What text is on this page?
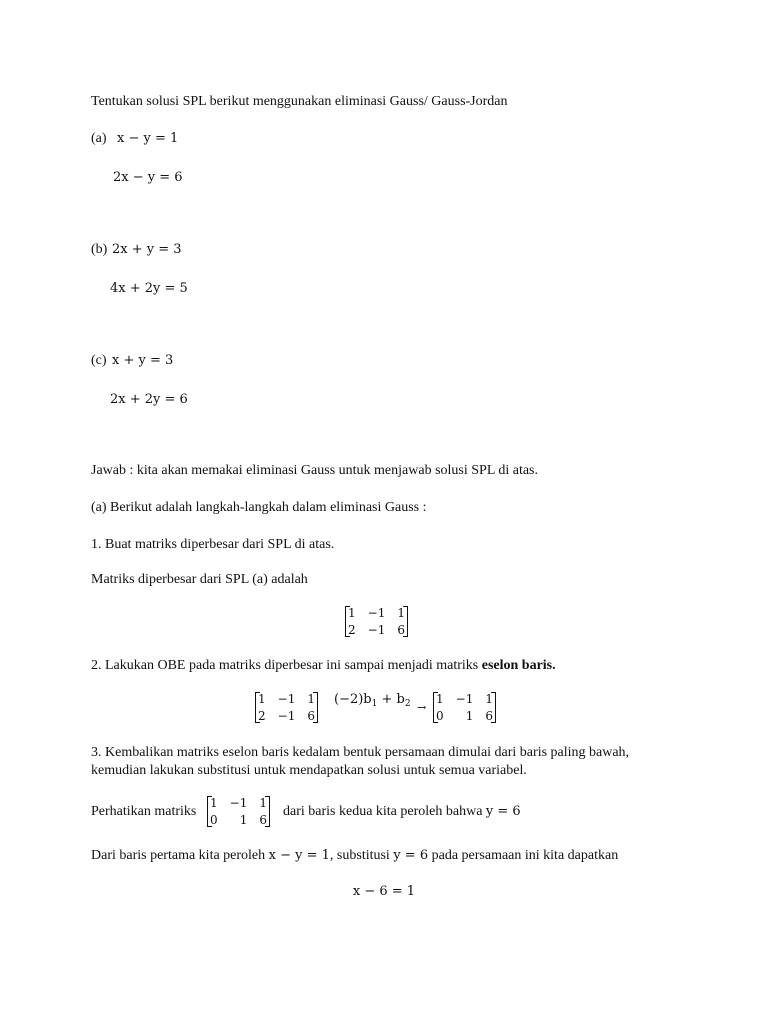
Tentukan solusi SPL berikut menggunakan eliminasi Gauss/ Gauss-Jordan
(a) x − y = 1
2x − y = 6
(b) 2x + y = 3
4x + 2y = 5
(c) x + y = 3
2x + 2y = 6
Jawab : kita akan memakai eliminasi Gauss untuk menjawab solusi SPL di atas.
(a) Berikut adalah langkah-langkah dalam eliminasi Gauss :
1. Buat matriks diperbesar dari SPL di atas.
Matriks diperbesar dari SPL (a) adalah
1 −1 1
2 −1 6
2. Lakukan OBE pada matriks diperbesar ini sampai menjadi matriks eselon baris.
1 −1 1
2 −1 6
$(-2)b_1 + b_2$ →
1 −1 1
0	1 6
3. Kembalikan matriks eselon baris kedalam bentuk persamaan dimulai dari baris paling bawah,
kemudian lakukan substitusi untuk mendapatkan solusi untuk semua variabel.
Perhatikan matriks
1 −1 1
0	1 6
dari baris kedua kita peroleh bahwa y = 6
Dari baris pertama kita peroleh x − y = 1, substitusi y = 6 pada persamaan ini kita dapatkan
x − 6 = 1
